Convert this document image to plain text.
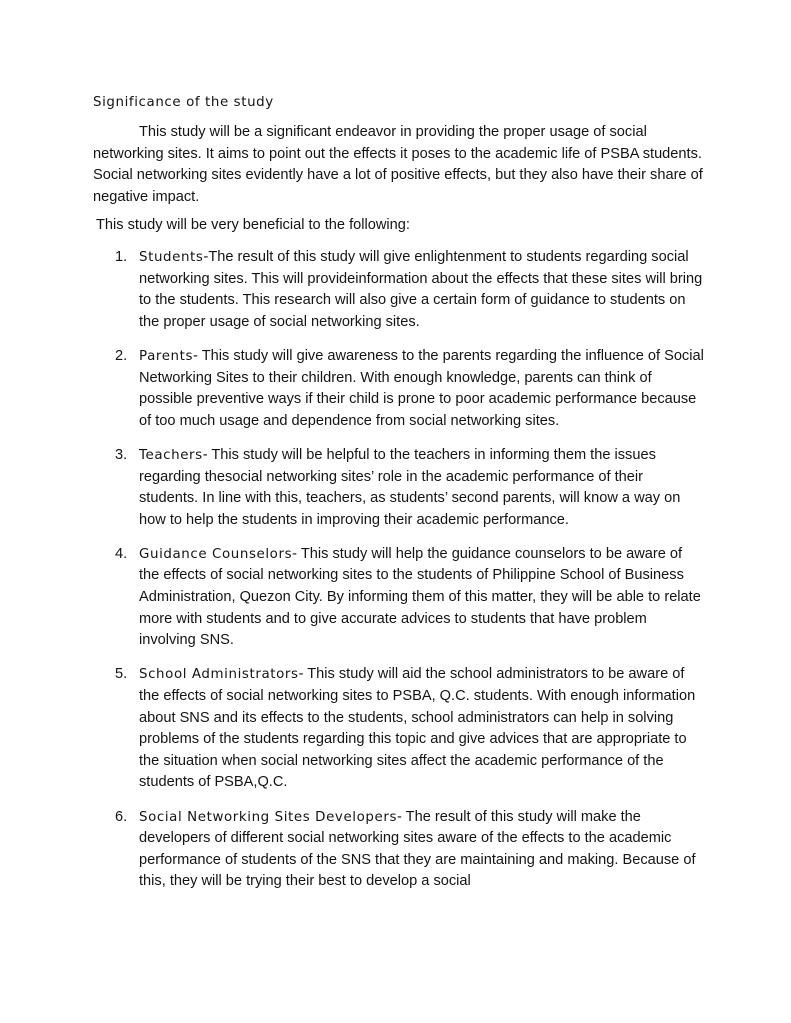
Significance of the study

This study will be a significant endeavor in providing the proper usage of social networking sites. It aims to point out the effects it poses to the academic life of PSBA students. Social networking sites evidently have a lot of positive effects, but they also have their share of negative impact.

This study will be very beneficial to the following:

1. Students-The result of this study will give enlightenment to students regarding social networking sites. This will provideinformation about the effects that these sites will bring to the students. This research will also give a certain form of guidance to students on the proper usage of social networking sites.
2. Parents- This study will give awareness to the parents regarding the influence of Social Networking Sites to their children. With enough knowledge, parents can think of possible preventive ways if their child is prone to poor academic performance because of too much usage and dependence from social networking sites.
3. Teachers- This study will be helpful to the teachers in informing them the issues regarding thesocial networking sites’ role in the academic performance of their students. In line with this, teachers, as students’ second parents, will know a way on how to help the students in improving their academic performance.
4. Guidance Counselors- This study will help the guidance counselors to be aware of the effects of social networking sites to the students of Philippine School of Business Administration, Quezon City. By informing them of this matter, they will be able to relate more with students and to give accurate advices to students that have problem involving SNS.
5. School Administrators- This study will aid the school administrators to be aware of the effects of social networking sites to PSBA, Q.C. students. With enough information about SNS and its effects to the students, school administrators can help in solving problems of the students regarding this topic and give advices that are appropriate to the situation when social networking sites affect the academic performance of the students of PSBA,Q.C.
6. Social Networking Sites Developers- The result of this study will make the developers of different social networking sites aware of the effects to the academic performance of students of the SNS that they are maintaining and making. Because of this, they will be trying their best to develop a social
